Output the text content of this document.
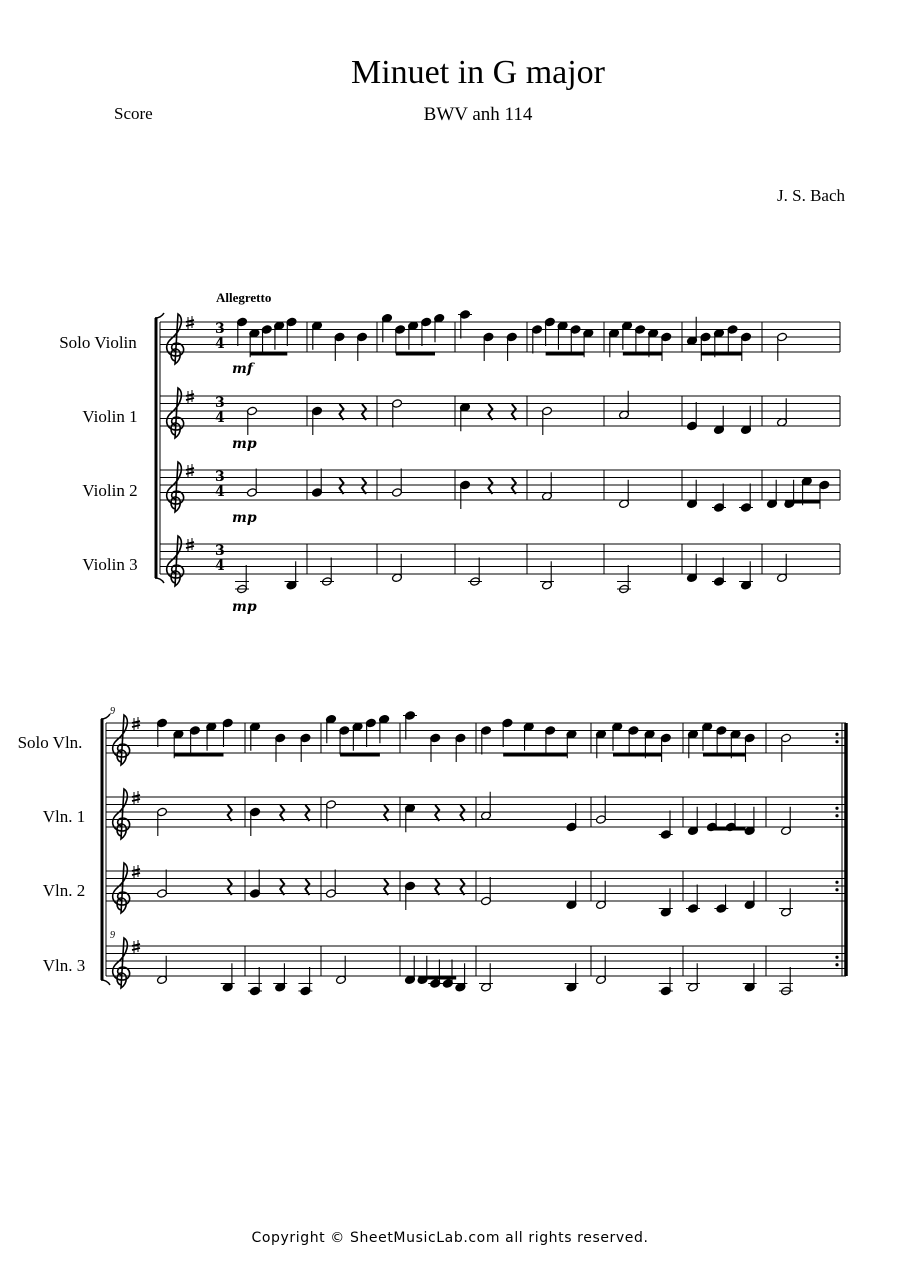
Minuet in G major
BWV anh 114
Score
J. S. Bach
Allegretto
Solo Violin
Violin 1
Violin 2
Violin 3
Solo Vln.
Vln. 1
Vln. 2
Vln. 3
9
9
3
4
3
4
3
4
3
4
mf
mp
mp
mp
Copyright © SheetMusicLab.com all rights reserved.
